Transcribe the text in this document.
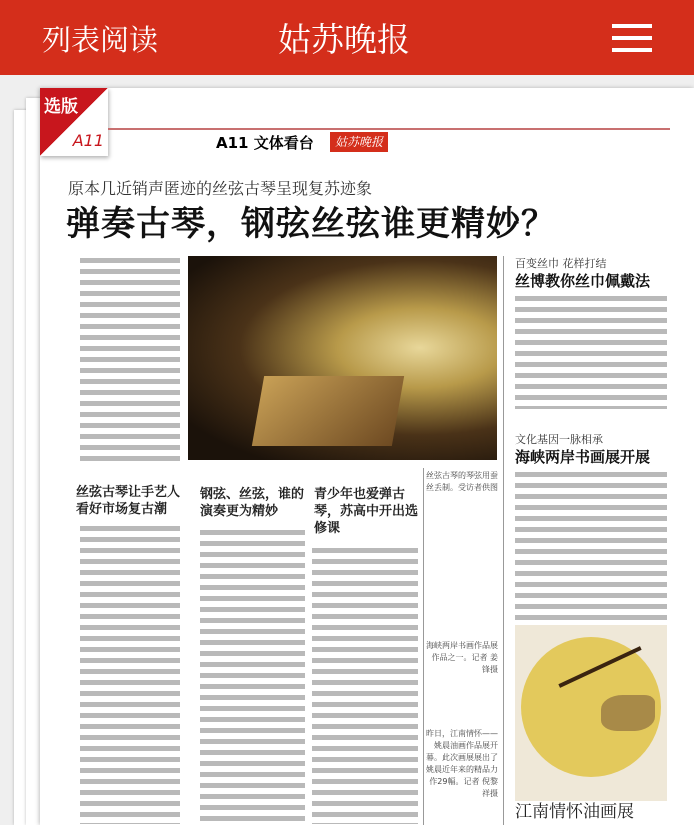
列表阅读	姑苏晚报
选版
A11	A11 文体看台	姑苏晚报
原本几近销声匿迹的丝弦古琴呈现复苏迹象
弹奏古琴，钢弦丝弦谁更精妙？
百变丝巾 花样打结
丝博教你丝巾佩戴法
文化基因一脉相承
海峡两岸书画展开展
丝弦古琴让手艺人看好市场复古潮
钢弦、丝弦，谁的演奏更为精妙
青少年也爱弹古琴，苏高中开出选修课
丝弦古琴的琴弦用蚕丝丢制。受访者供图
海峡两岸书画作品展作品之一。记者 姜锋摄
昨日，江南情怀——姚晨油画作品展开幕。此次画展展出了姚晨近年来的精品力作29幅。记者 倪黎祥摄
江南情怀油画展
